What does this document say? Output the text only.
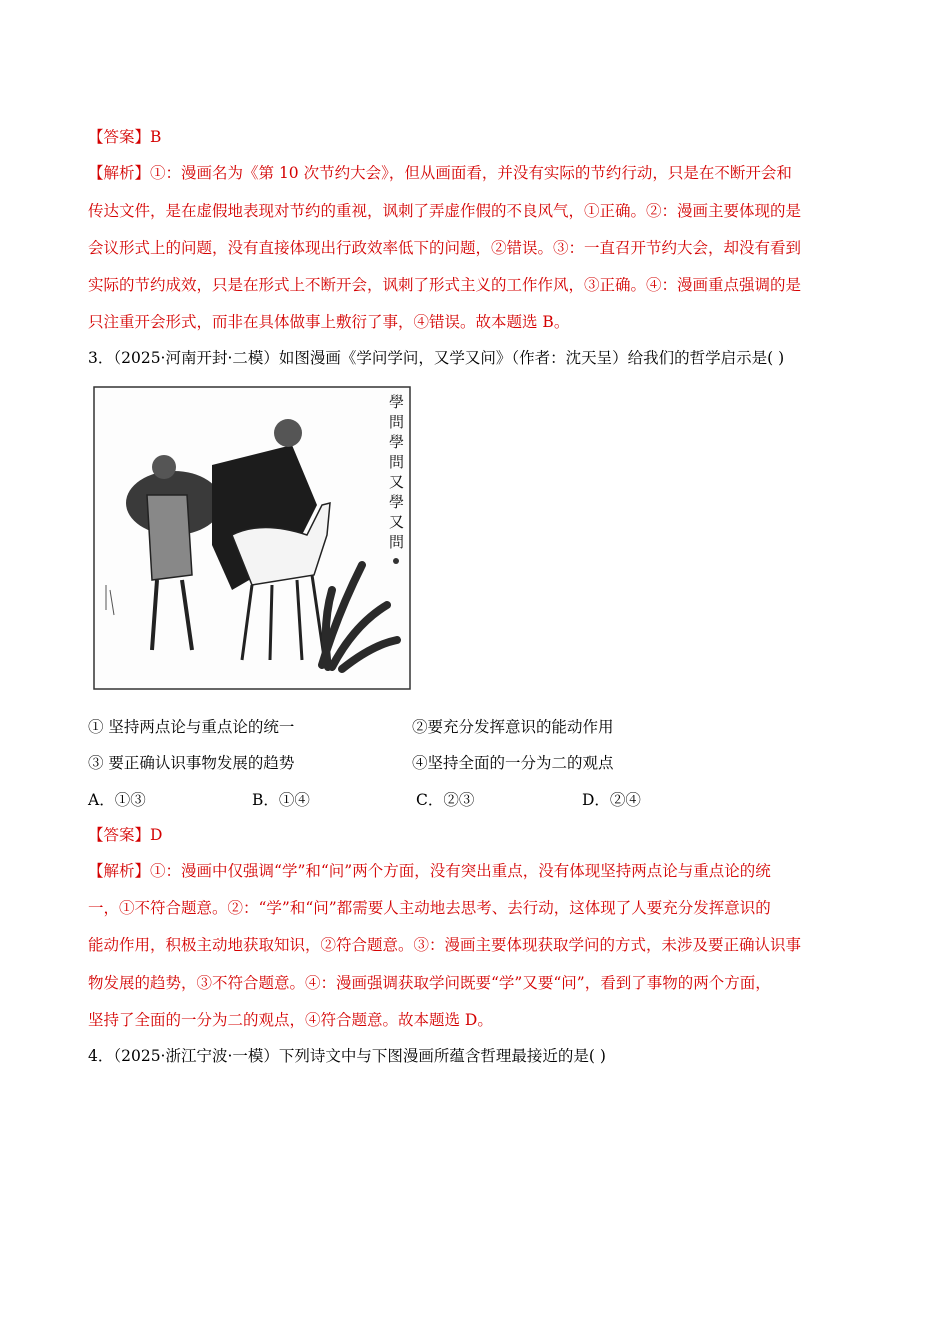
【答案】B
【解析】①：漫画名为《第 10 次节约大会》，但从画面看，并没有实际的节约行动，只是在不断开会和
传达文件，是在虚假地表现对节约的重视，讽刺了弄虚作假的不良风气，①正确。②：漫画主要体现的是
会议形式上的问题，没有直接体现出行政效率低下的问题，②错误。③：一直召开节约大会，却没有看到
实际的节约成效，只是在形式上不断开会，讽刺了形式主义的工作作风，③正确。④：漫画重点强调的是
只注重开会形式，而非在具体做事上敷衍了事，④错误。故本题选 B。
3．（2025·河南开封·二模）如图漫画《学问学问，又学又问》（作者：沈天呈）给我们的哲学启示是( )
學
問
學
問
又
學
又
問
① 坚持两点论与重点论的统一	②要充分发挥意识的能动作用
③ 要正确认识事物发展的趋势	④坚持全面的一分为二的观点
A．①③	B．①④	C．②③	D．②④
【答案】D
【解析】①：漫画中仅强调“学”和“问”两个方面，没有突出重点，没有体现坚持两点论与重点论的统
一，①不符合题意。②：“学”和“问”都需要人主动地去思考、去行动，这体现了人要充分发挥意识的
能动作用，积极主动地获取知识，②符合题意。③：漫画主要体现获取学问的方式，未涉及要正确认识事
物发展的趋势，③不符合题意。④：漫画强调获取学问既要“学”又要“问”，看到了事物的两个方面，
坚持了全面的一分为二的观点，④符合题意。故本题选 D。
4．（2025·浙江宁波·一模）下列诗文中与下图漫画所蕴含哲理最接近的是( )
